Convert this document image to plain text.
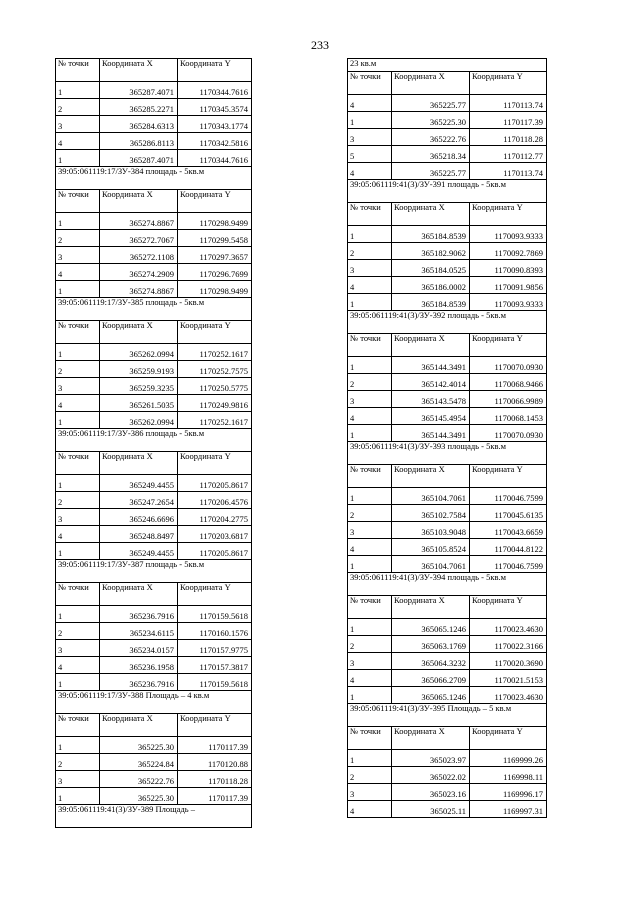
233
№ точки	Координата X	Координата Y
1	365287.4071	1170344.7616
2	365285.2271	1170345.3574
3	365284.6313	1170343.1774
4	365286.8113	1170342.5816
1	365287.4071	1170344.7616
39:05:061119:17/ЗУ-384 площадь - 5кв.м		
№ точки	Координата X	Координата Y
1	365274.8867	1170298.9499
2	365272.7067	1170299.5458
3	365272.1108	1170297.3657
4	365274.2909	1170296.7699
1	365274.8867	1170298.9499
39:05:061119:17/ЗУ-385 площадь - 5кв.м		
№ точки	Координата X	Координата Y
1	365262.0994	1170252.1617
2	365259.9193	1170252.7575
3	365259.3235	1170250.5775
4	365261.5035	1170249.9816
1	365262.0994	1170252.1617
39:05:061119:17/ЗУ-386 площадь - 5кв.м		
№ точки	Координата X	Координата Y
1	365249.4455	1170205.8617
2	365247.2654	1170206.4576
3	365246.6696	1170204.2775
4	365248.8497	1170203.6817
1	365249.4455	1170205.8617
39:05:061119:17/ЗУ-387 площадь - 5кв.м		
№ точки	Координата X	Координата Y
1	365236.7916	1170159.5618
2	365234.6115	1170160.1576
3	365234.0157	1170157.9775
4	365236.1958	1170157.3817
1	365236.7916	1170159.5618
39:05:061119:17/ЗУ-388 Площадь – 4 кв.м		
№ точки	Координата X	Координата Y
1	365225.30	1170117.39
2	365224.84	1170120.88
3	365222.76	1170118.28
1	365225.30	1170117.39
39:05:061119:41(3)/ЗУ-389 Площадь –		
23 кв.м		
№ точки	Координата X	Координата Y
4	365225.77	1170113.74
1	365225.30	1170117.39
3	365222.76	1170118.28
5	365218.34	1170112.77
4	365225.77	1170113.74
39:05:061119:41(3)/ЗУ-391 площадь - 5кв.м		
№ точки	Координата X	Координата Y
1	365184.8539	1170093.9333
2	365182.9062	1170092.7869
3	365184.0525	1170090.8393
4	365186.0002	1170091.9856
1	365184.8539	1170093.9333
39:05:061119:41(3)/ЗУ-392 площадь - 5кв.м		
№ точки	Координата X	Координата Y
1	365144.3491	1170070.0930
2	365142.4014	1170068.9466
3	365143.5478	1170066.9989
4	365145.4954	1170068.1453
1	365144.3491	1170070.0930
39:05:061119:41(3)/ЗУ-393 площадь - 5кв.м		
№ точки	Координата X	Координата Y
1	365104.7061	1170046.7599
2	365102.7584	1170045.6135
3	365103.9048	1170043.6659
4	365105.8524	1170044.8122
1	365104.7061	1170046.7599
39:05:061119:41(3)/ЗУ-394 площадь - 5кв.м		
№ точки	Координата X	Координата Y
1	365065.1246	1170023.4630
2	365063.1769	1170022.3166
3	365064.3232	1170020.3690
4	365066.2709	1170021.5153
1	365065.1246	1170023.4630
39:05:061119:41(3)/ЗУ-395 Площадь – 5 кв.м		
№ точки	Координата X	Координата Y
1	365023.97	1169999.26
2	365022.02	1169998.11
3	365023.16	1169996.17
4	365025.11	1169997.31
